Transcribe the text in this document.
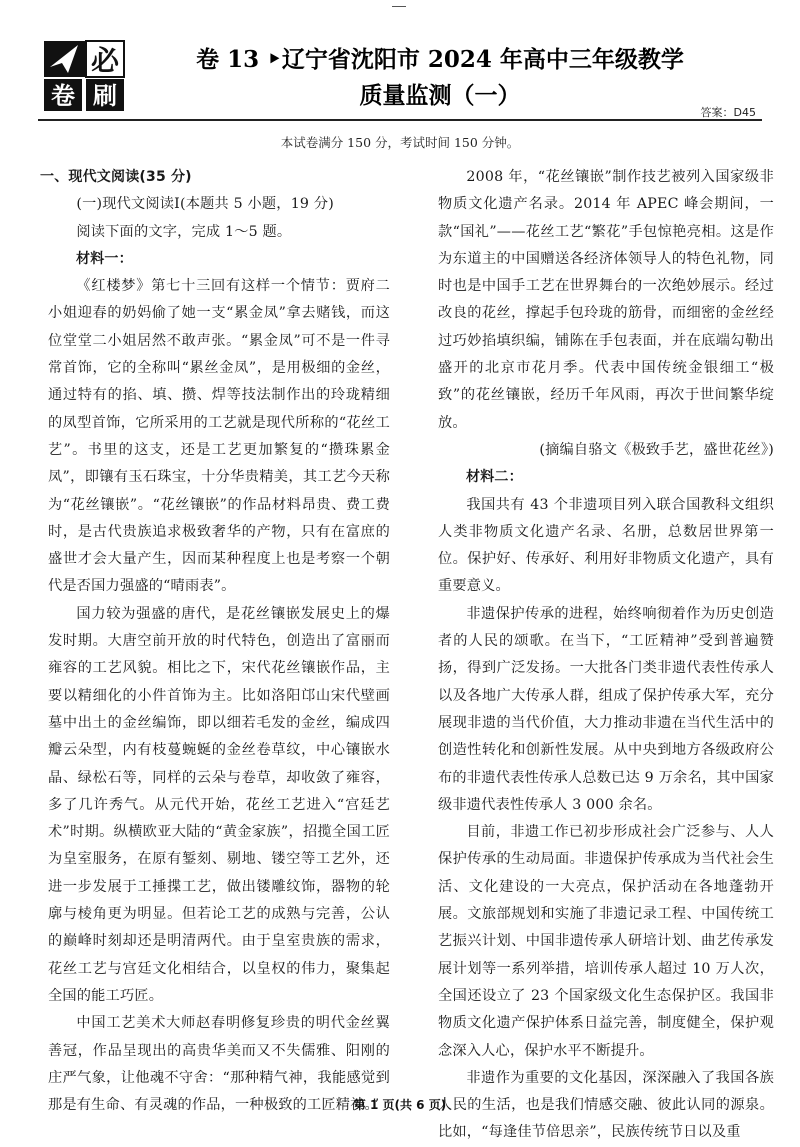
必
卷 刷
卷 13 ‣辽宁省沈阳市 2024 年高中三年级教学
质量监测（一）
答案：D45
本试卷满分 150 分，考试时间 150 分钟。

一、现代文阅读(35 分)

(一)现代文阅读Ⅰ(本题共 5 小题，19 分)

阅读下面的文字，完成 1～5 题。

材料一：

《红楼梦》第七十三回有这样一个情节：贾府二小姐迎春的奶妈偷了她一支“累金凤”拿去赌钱，而这位堂堂二小姐居然不敢声张。“累金凤”可不是一件寻常首饰，它的全称叫“累丝金凤”，是用极细的金丝，通过特有的掐、填、攒、焊等技法制作出的玲珑精细的凤型首饰，它所采用的工艺就是现代所称的“花丝工艺”。书里的这支，还是工艺更加繁复的“攒珠累金凤”，即镶有玉石珠宝，十分华贵精美，其工艺今天称为“花丝镶嵌”。“花丝镶嵌”的作品材料昂贵、费工费时，是古代贵族追求极致奢华的产物，只有在富庶的盛世才会大量产生，因而某种程度上也是考察一个朝代是否国力强盛的“晴雨表”。

国力较为强盛的唐代，是花丝镶嵌发展史上的爆发时期。大唐空前开放的时代特色，创造出了富丽而雍容的工艺风貌。相比之下，宋代花丝镶嵌作品，主要以精细化的小件首饰为主。比如洛阳邙山宋代壁画墓中出土的金丝编饰，即以细若毛发的金丝，编成四瓣云朵型，内有枝蔓蜿蜒的金丝卷草纹，中心镶嵌水晶、绿松石等，同样的云朵与卷草，却收敛了雍容，多了几许秀气。从元代开始，花丝工艺进入“宫廷艺术”时期。纵横欧亚大陆的“黄金家族”，招揽全国工匠为皇室服务，在原有錾刻、剔地、镂空等工艺外，还进一步发展于工捶揲工艺，做出镂雕纹饰，器物的轮廓与棱角更为明显。但若论工艺的成熟与完善，公认的巅峰时刻却还是明清两代。由于皇室贵族的需求，花丝工艺与宫廷文化相结合，以皇权的伟力，聚集起全国的能工巧匠。

中国工艺美术大师赵春明修复珍贵的明代金丝翼善冠，作品呈现出的高贵华美而又不失儒雅、阳刚的庄严气象，让他魂不守舍：“那种精气神，我能感觉到那是有生命、有灵魂的作品，一种极致的工匠精神。”

2008 年，“花丝镶嵌”制作技艺被列入国家级非物质文化遗产名录。2014 年 APEC 峰会期间，一款“国礼”——花丝工艺“繁花”手包惊艳亮相。这是作为东道主的中国赠送各经济体领导人的特色礼物，同时也是中国手工艺在世界舞台的一次绝妙展示。经过改良的花丝，撑起手包玲珑的筋骨，而细密的金丝经过巧妙掐填织编，铺陈在手包表面，并在底端勾勒出盛开的北京市花月季。代表中国传统金银细工“极致”的花丝镶嵌，经历千年风雨，再次于世间繁华绽放。

(摘编自骆文《极致手艺，盛世花丝》)

材料二：

我国共有 43 个非遗项目列入联合国教科文组织人类非物质文化遗产名录、名册，总数居世界第一位。保护好、传承好、利用好非物质文化遗产，具有重要意义。

非遗保护传承的进程，始终响彻着作为历史创造者的人民的颂歌。在当下，“工匠精神”受到普遍赞扬，得到广泛发扬。一大批各门类非遗代表性传承人以及各地广大传承人群，组成了保护传承大军，充分展现非遗的当代价值，大力推动非遗在当代生活中的创造性转化和创新性发展。从中央到地方各级政府公布的非遗代表性传承人总数已达 9 万余名，其中国家级非遗代表性传承人 3 000 余名。

目前，非遗工作已初步形成社会广泛参与、人人保护传承的生动局面。非遗保护传承成为当代社会生活、文化建设的一大亮点，保护活动在各地蓬勃开展。文旅部规划和实施了非遗记录工程、中国传统工艺振兴计划、中国非遗传承人研培计划、曲艺传承发展计划等一系列举措，培训传承人超过 10 万人次，全国还设立了 23 个国家级文化生态保护区。我国非物质文化遗产保护体系日益完善，制度健全，保护观念深入人心，保护水平不断提升。

非遗作为重要的文化基因，深深融入了我国各族人民的生活，也是我们情感交融、彼此认同的源泉。比如，“每逢佳节倍思亲”，民族传统节日以及重

第 1 页(共 6 页)
